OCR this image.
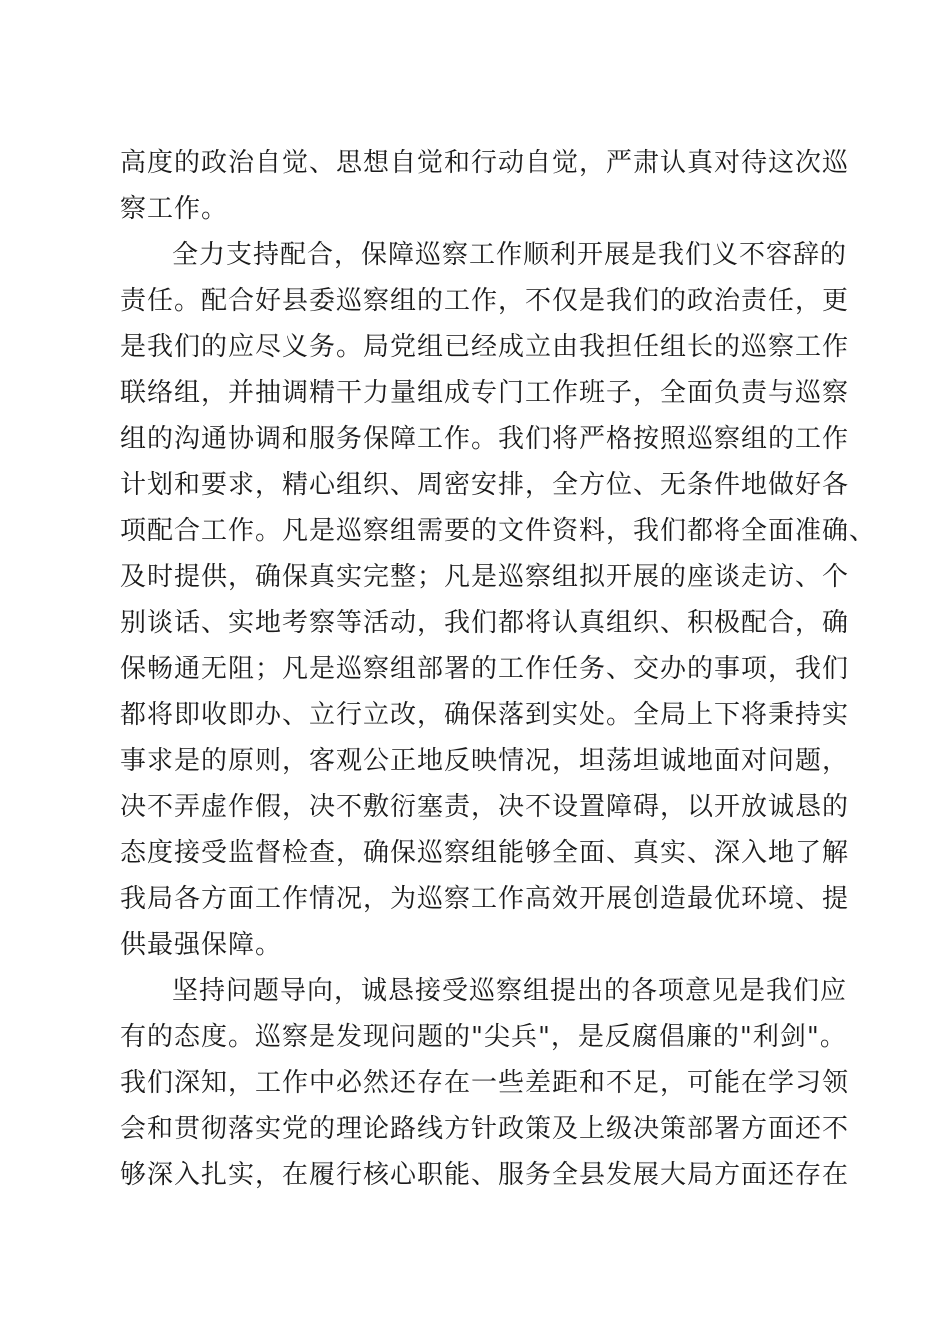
高度的政治自觉、思想自觉和行动自觉，严肃认真对待这次巡
察工作。
全力支持配合，保障巡察工作顺利开展是我们义不容辞的
责任。配合好县委巡察组的工作，不仅是我们的政治责任，更
是我们的应尽义务。局党组已经成立由我担任组长的巡察工作
联络组，并抽调精干力量组成专门工作班子，全面负责与巡察
组的沟通协调和服务保障工作。我们将严格按照巡察组的工作
计划和要求，精心组织、周密安排，全方位、无条件地做好各
项配合工作。凡是巡察组需要的文件资料，我们都将全面准确、
及时提供，确保真实完整；凡是巡察组拟开展的座谈走访、个
别谈话、实地考察等活动，我们都将认真组织、积极配合，确
保畅通无阻；凡是巡察组部署的工作任务、交办的事项，我们
都将即收即办、立行立改，确保落到实处。全局上下将秉持实
事求是的原则，客观公正地反映情况，坦荡坦诚地面对问题，
决不弄虚作假，决不敷衍塞责，决不设置障碍，以开放诚恳的
态度接受监督检查，确保巡察组能够全面、真实、深入地了解
我局各方面工作情况，为巡察工作高效开展创造最优环境、提
供最强保障。
坚持问题导向，诚恳接受巡察组提出的各项意见是我们应
有的态度。巡察是发现问题的"尖兵"，是反腐倡廉的"利剑"。
我们深知，工作中必然还存在一些差距和不足，可能在学习领
会和贯彻落实党的理论路线方针政策及上级决策部署方面还不
够深入扎实，在履行核心职能、服务全县发展大局方面还存在
